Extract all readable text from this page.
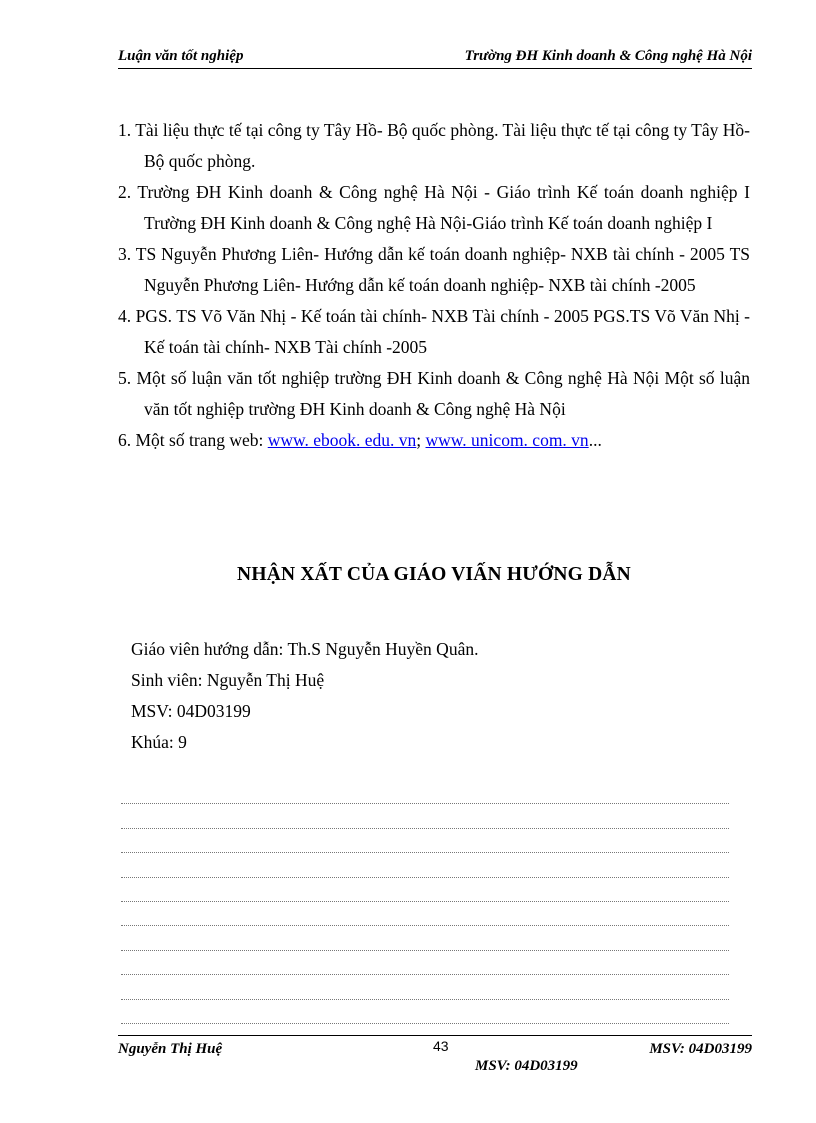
Luận văn tốt nghiệp	Trường ĐH Kinh doanh & Công nghệ Hà Nội
1. Tài liệu thực tế tại công ty Tây Hồ- Bộ quốc phòng. Tài liệu thực tế tại công ty Tây Hồ- Bộ quốc phòng.
2. Trường ĐH Kinh doanh & Công nghệ Hà Nội - Giáo trình Kế toán doanh nghiệp I Trường ĐH Kinh doanh & Công nghệ Hà Nội-Giáo trình Kế toán doanh nghiệp I
3. TS Nguyễn Phương Liên- Hướng dẫn kế toán doanh nghiệp- NXB tài chính - 2005 TS Nguyễn Phương Liên- Hướng dẫn kế toán doanh nghiệp- NXB tài chính -2005
4. PGS. TS Võ Văn Nhị - Kế toán tài chính- NXB Tài chính - 2005 PGS.TS Võ Văn Nhị - Kế toán tài chính- NXB Tài chính -2005
5. Một số luận văn tốt nghiệp trường ĐH Kinh doanh & Công nghệ Hà Nội Một số luận văn tốt nghiệp trường ĐH Kinh doanh & Công nghệ Hà Nội
6. Một số trang web: www. ebook. edu. vn; www. unicom. com. vn...
NHẬN XẤT CỦA GIÁO VIẤN HƯỚNG DẪN
Giáo viên hướng dẫn: Th.S Nguyễn Huyền Quân.
Sinh viên: Nguyễn Thị Huệ
MSV: 04D03199
Khúa: 9
Nguyễn Thị Huệ	43	MSV: 04D03199
MSV: 04D03199
